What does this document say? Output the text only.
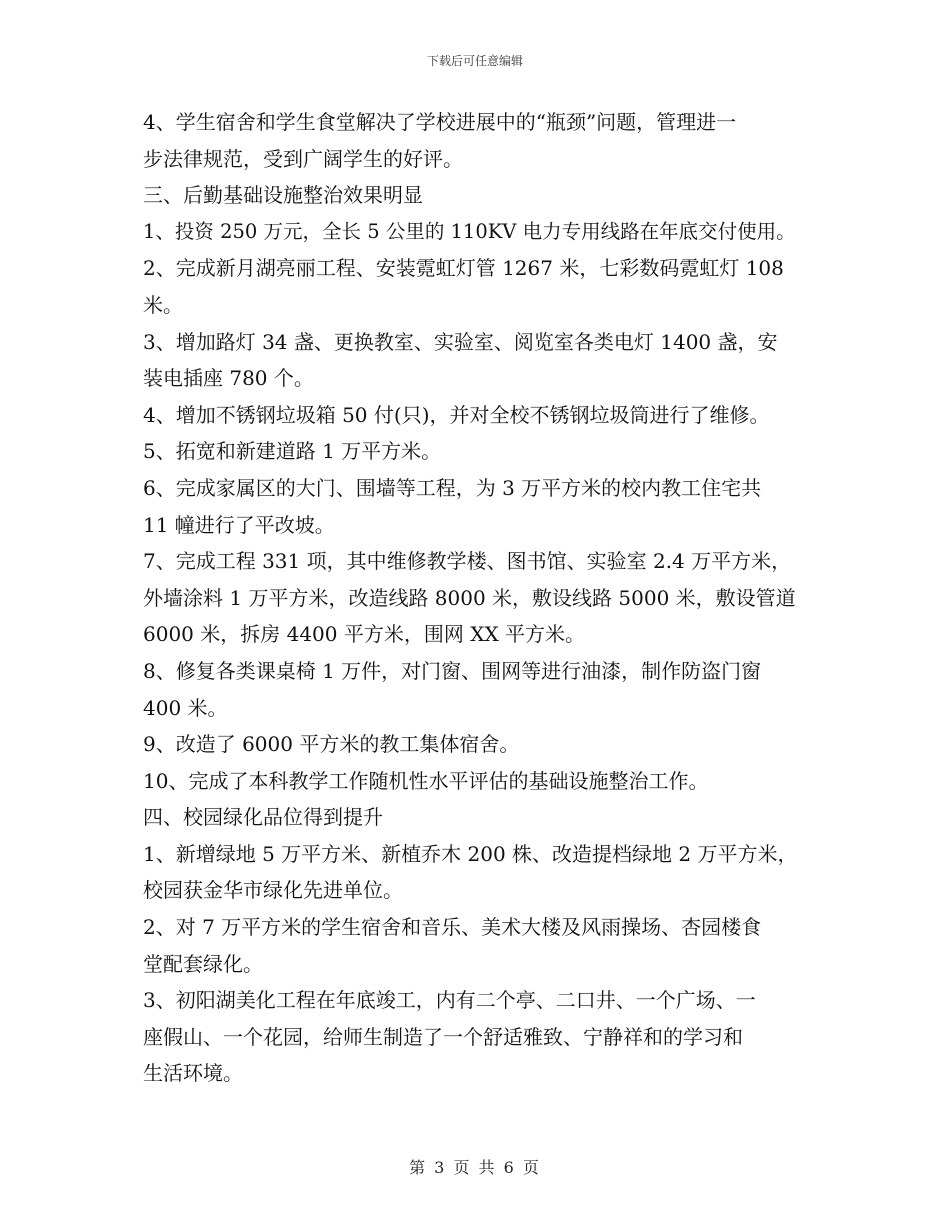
下载后可任意编辑
4、学生宿舍和学生食堂解决了学校进展中的“瓶颈”问题，管理进一
步法律规范，受到广阔学生的好评。
三、后勤基础设施整治效果明显
1、投资 250 万元，全长 5 公里的 110KV 电力专用线路在年底交付使用。
2、完成新月湖亮丽工程、安装霓虹灯管 1267 米，七彩数码霓虹灯 108
米。
3、增加路灯 34 盏、更换教室、实验室、阅览室各类电灯 1400 盏，安
装电插座 780 个。
4、增加不锈钢垃圾箱 50 付(只)，并对全校不锈钢垃圾筒进行了维修。
5、拓宽和新建道路 1 万平方米。
6、完成家属区的大门、围墙等工程，为 3 万平方米的校内教工住宅共
11 幢进行了平改坡。
7、完成工程 331 项，其中维修教学楼、图书馆、实验室 2.4 万平方米，
外墙涂料 1 万平方米，改造线路 8000 米，敷设线路 5000 米，敷设管道
6000 米，拆房 4400 平方米，围网 XX 平方米。
8、修复各类课桌椅 1 万件，对门窗、围网等进行油漆，制作防盗门窗
400 米。
9、改造了 6000 平方米的教工集体宿舍。
10、完成了本科教学工作随机性水平评估的基础设施整治工作。
四、校园绿化品位得到提升
1、新增绿地 5 万平方米、新植乔木 200 株、改造提档绿地 2 万平方米，
校园获金华市绿化先进单位。
2、对 7 万平方米的学生宿舍和音乐、美术大楼及风雨操场、杏园楼食
堂配套绿化。
3、初阳湖美化工程在年底竣工，内有二个亭、二口井、一个广场、一
座假山、一个花园，给师生制造了一个舒适雅致、宁静祥和的学习和
生活环境。
第 3 页 共 6 页
